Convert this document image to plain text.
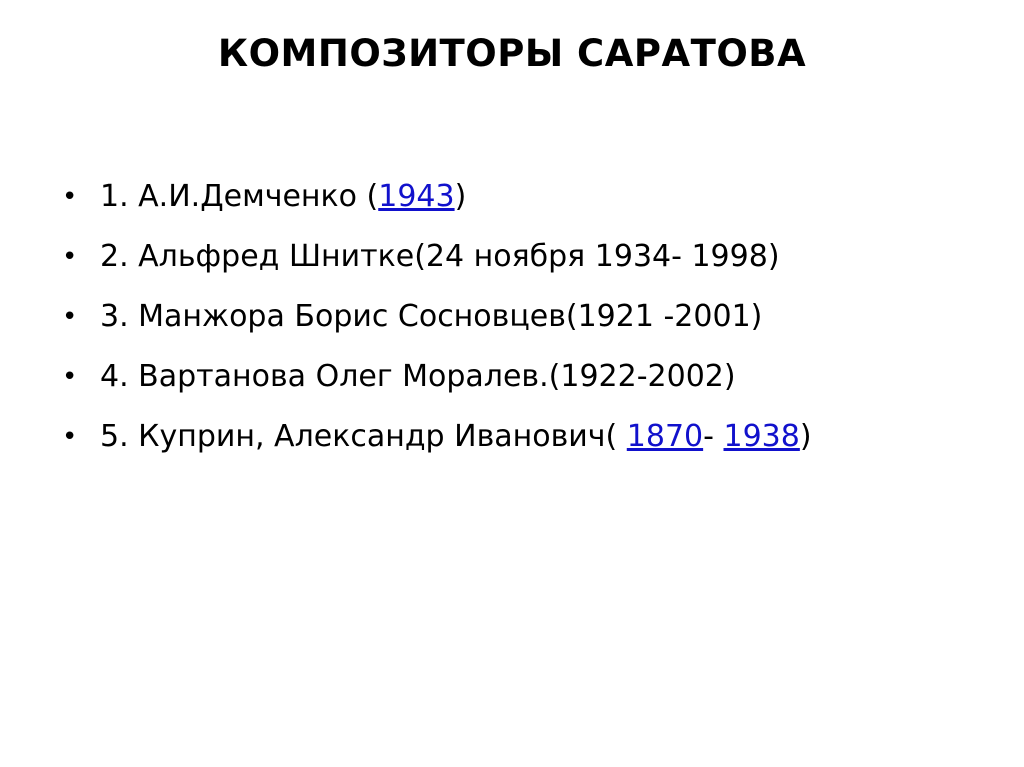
КОМПОЗИТОРЫ САРАТОВА
• 1. А.И.Демченко (1943)
• 2. Альфред Шнитке(24 ноября 1934- 1998)
• 3. Манжора Борис Сосновцев(1921 -2001)
• 4. Вартанова Олег Моралев.(1922-2002)
• 5. Куприн, Александр Иванович( 1870- 1938)
